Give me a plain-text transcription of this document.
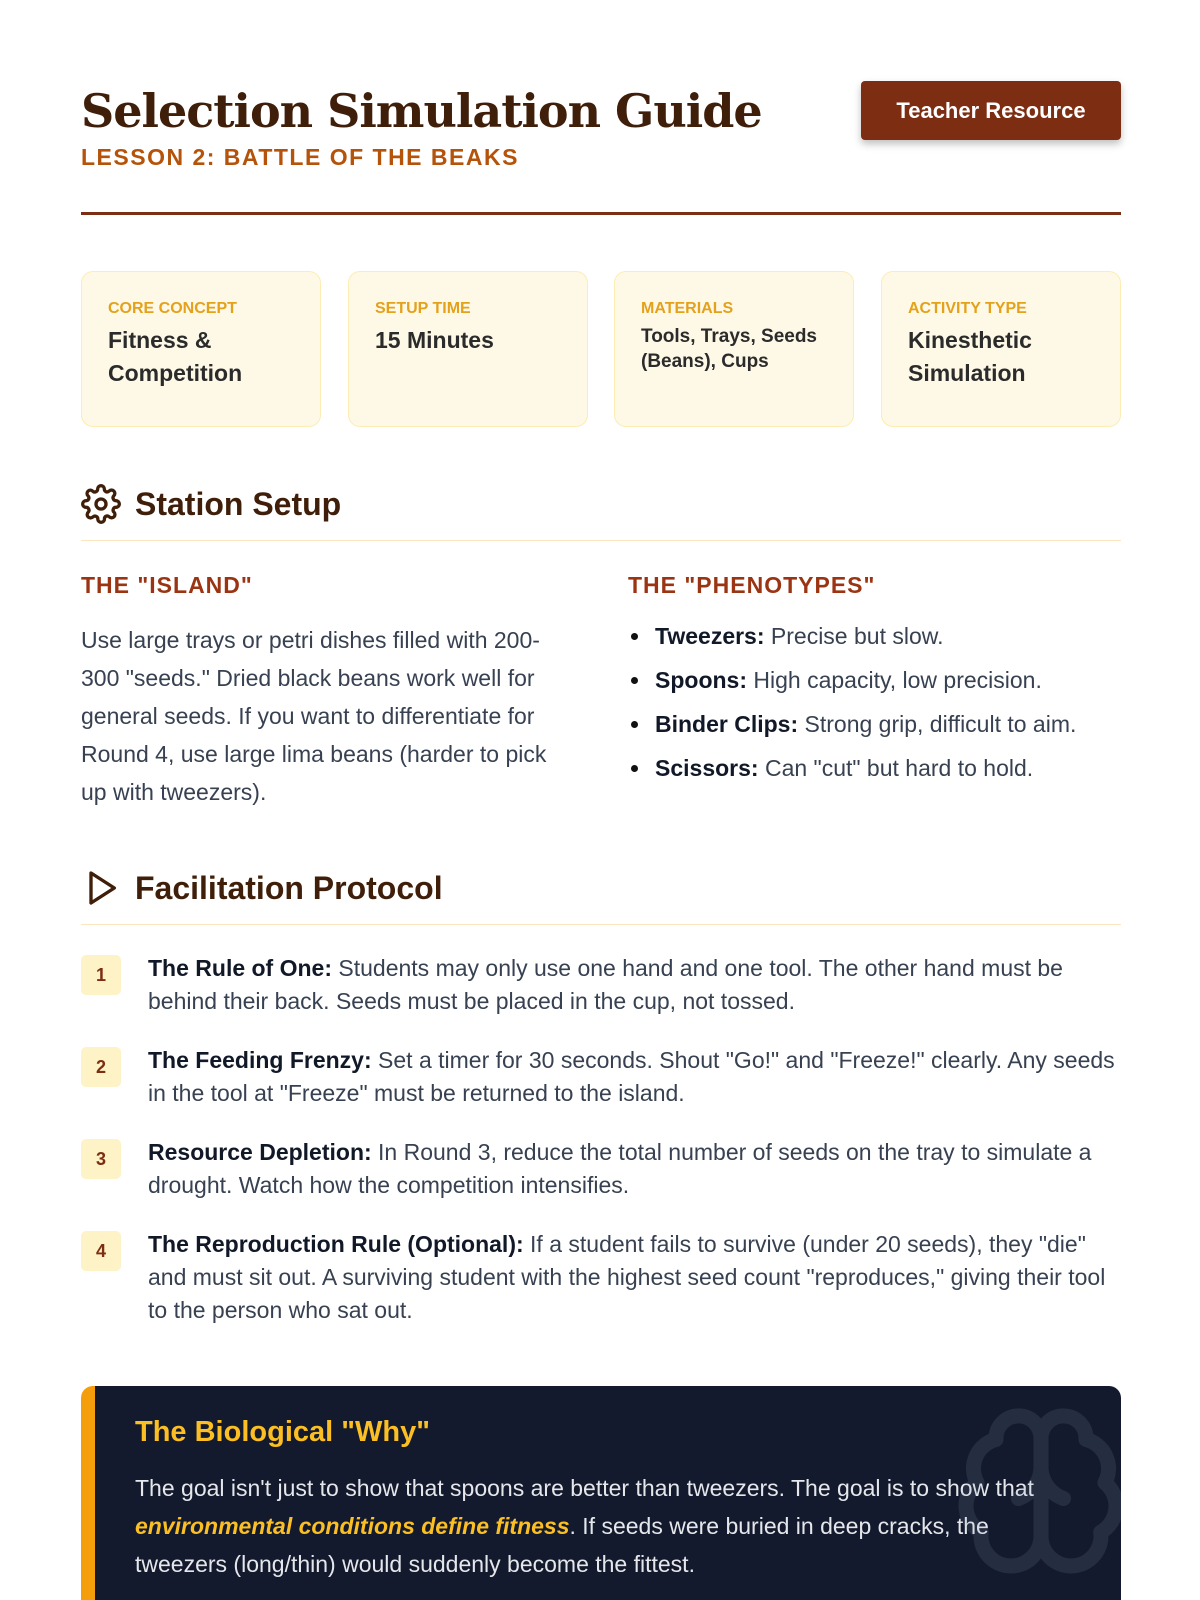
Selection Simulation Guide
LESSON 2: BATTLE OF THE BEAKS
Teacher Resource
CORE CONCEPT
Fitness & Competition
SETUP TIME
15 Minutes
MATERIALS
Tools, Trays, Seeds (Beans), Cups
ACTIVITY TYPE
Kinesthetic Simulation
Station Setup
THE "ISLAND"

Use large trays or petri dishes filled with 200-300 "seeds." Dried black beans work well for general seeds. If you want to differentiate for Round 4, use large lima beans (harder to pick up with tweezers).

THE "PHENOTYPES"
Tweezers: Precise but slow.
Spoons: High capacity, low precision.
Binder Clips: Strong grip, difficult to aim.
Scissors: Can "cut" but hard to hold.
Facilitation Protocol
1	The Rule of One: Students may only use one hand and one tool. The other hand must be behind their back. Seeds must be placed in the cup, not tossed.
2	The Feeding Frenzy: Set a timer for 30 seconds. Shout "Go!" and "Freeze!" clearly. Any seeds in the tool at "Freeze" must be returned to the island.
3	Resource Depletion: In Round 3, reduce the total number of seeds on the tray to simulate a drought. Watch how the competition intensifies.
4	The Reproduction Rule (Optional): If a student fails to survive (under 20 seeds), they "die" and must sit out. A surviving student with the highest seed count "reproduces," giving their tool to the person who sat out.
The Biological "Why"

The goal isn't just to show that spoons are better than tweezers. The goal is to show that environmental conditions define fitness. If seeds were buried in deep cracks, the tweezers (long/thin) would suddenly become the fittest.
